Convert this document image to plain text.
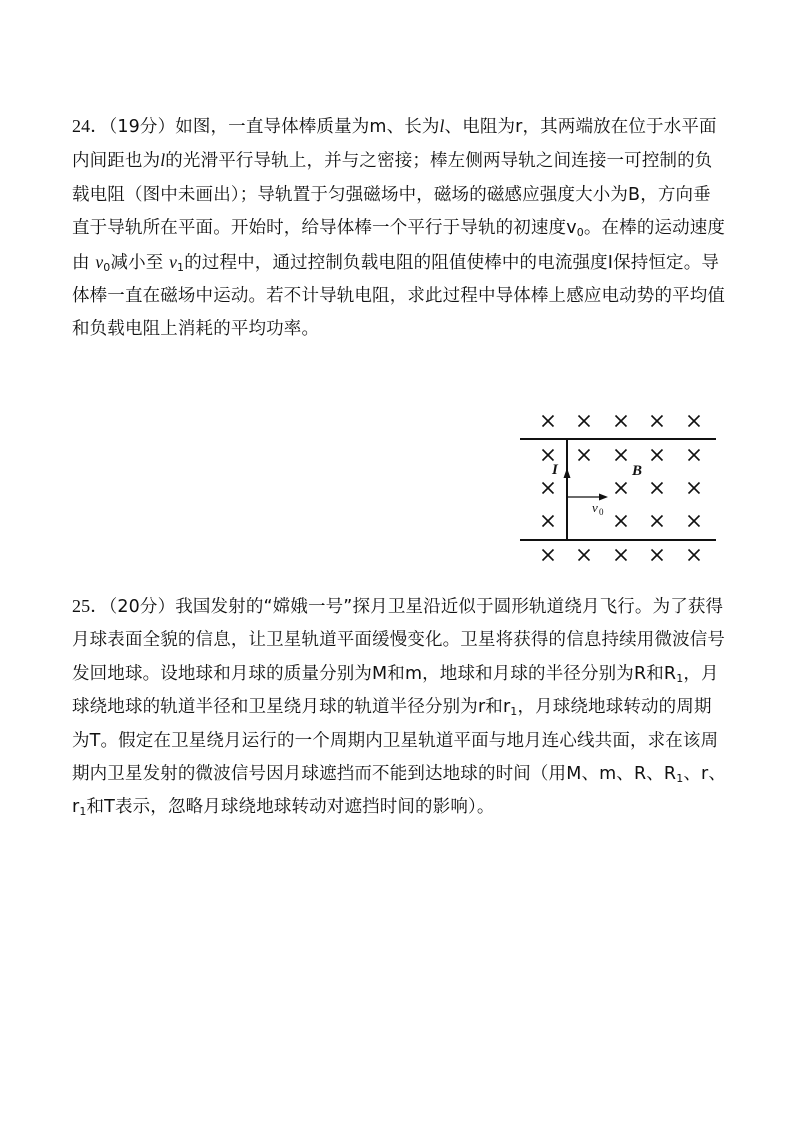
24．（19分）如图，一直导体棒质量为m、长为l、电阻为r，其两端放在位于水平面内间距也为l的光滑平行导轨上，并与之密接；棒左侧两导轨之间连接一可控制的负载电阻（图中未画出）；导轨置于匀强磁场中，磁场的磁感应强度大小为B，方向垂直于导轨所在平面。开始时，给导体棒一个平行于导轨的初速度$v_0$。在棒的运动速度由 $v_0$减小至 $v_1$的过程中，通过控制负载电阻的阻值使棒中的电流强度I保持恒定。导体棒一直在磁场中运动。若不计导轨电阻，求此过程中导体棒上感应电动势的平均值和负载电阻上消耗的平均功率。
I	B
v 0
25．（20分）我国发射的“嫦娥一号”探月卫星沿近似于圆形轨道绕月飞行。为了获得月球表面全貌的信息，让卫星轨道平面缓慢变化。卫星将获得的信息持续用微波信号发回地球。设地球和月球的质量分别为M和m，地球和月球的半径分别为R和$R_1$，月球绕地球的轨道半径和卫星绕月球的轨道半径分别为r和$r_1$，月球绕地球转动的周期为T。假定在卫星绕月运行的一个周期内卫星轨道平面与地月连心线共面，求在该周期内卫星发射的微波信号因月球遮挡而不能到达地球的时间（用M、m、R、$R_1$、r、$r_1$和T表示，忽略月球绕地球转动对遮挡时间的影响）。
